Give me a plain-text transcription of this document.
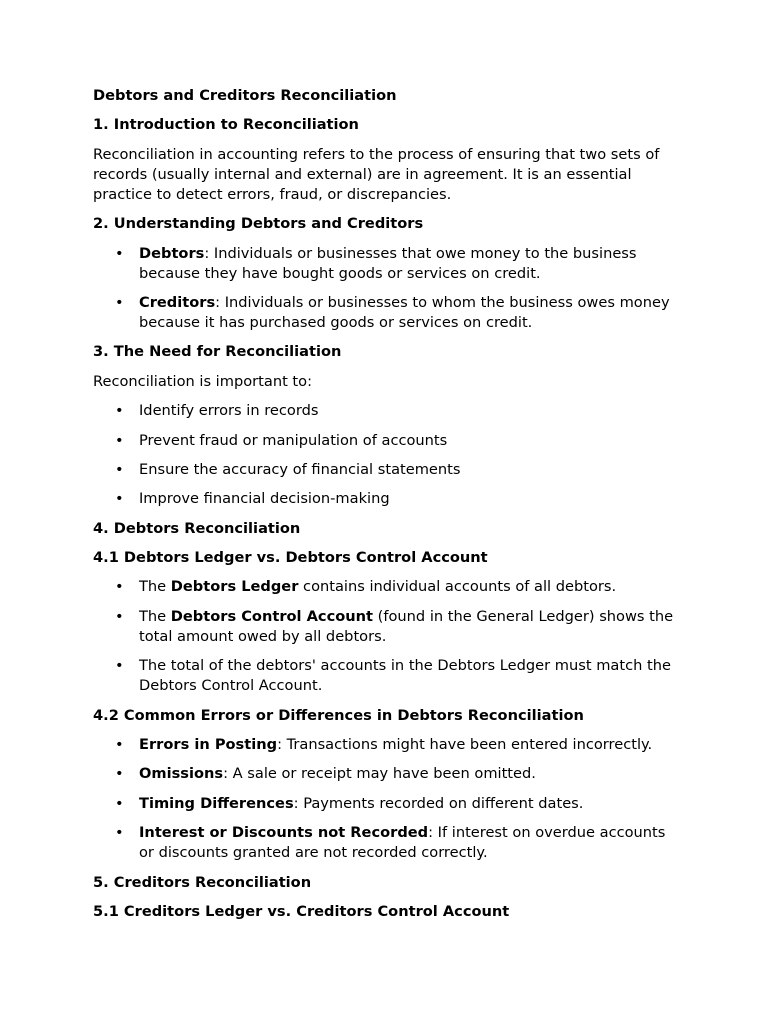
Debtors and Creditors Reconciliation
1. Introduction to Reconciliation
Reconciliation in accounting refers to the process of ensuring that two sets of records (usually internal and external) are in agreement. It is an essential practice to detect errors, fraud, or discrepancies.
2. Understanding Debtors and Creditors
• Debtors: Individuals or businesses that owe money to the business because they have bought goods or services on credit.
• Creditors: Individuals or businesses to whom the business owes money because it has purchased goods or services on credit.
3. The Need for Reconciliation
Reconciliation is important to:
• Identify errors in records
• Prevent fraud or manipulation of accounts
• Ensure the accuracy of financial statements
• Improve financial decision-making
4. Debtors Reconciliation
4.1 Debtors Ledger vs. Debtors Control Account
• The Debtors Ledger contains individual accounts of all debtors.
• The Debtors Control Account (found in the General Ledger) shows the total amount owed by all debtors.
• The total of the debtors' accounts in the Debtors Ledger must match the Debtors Control Account.
4.2 Common Errors or Differences in Debtors Reconciliation
• Errors in Posting: Transactions might have been entered incorrectly.
• Omissions: A sale or receipt may have been omitted.
• Timing Differences: Payments recorded on different dates.
• Interest or Discounts not Recorded: If interest on overdue accounts or discounts granted are not recorded correctly.
5. Creditors Reconciliation
5.1 Creditors Ledger vs. Creditors Control Account
